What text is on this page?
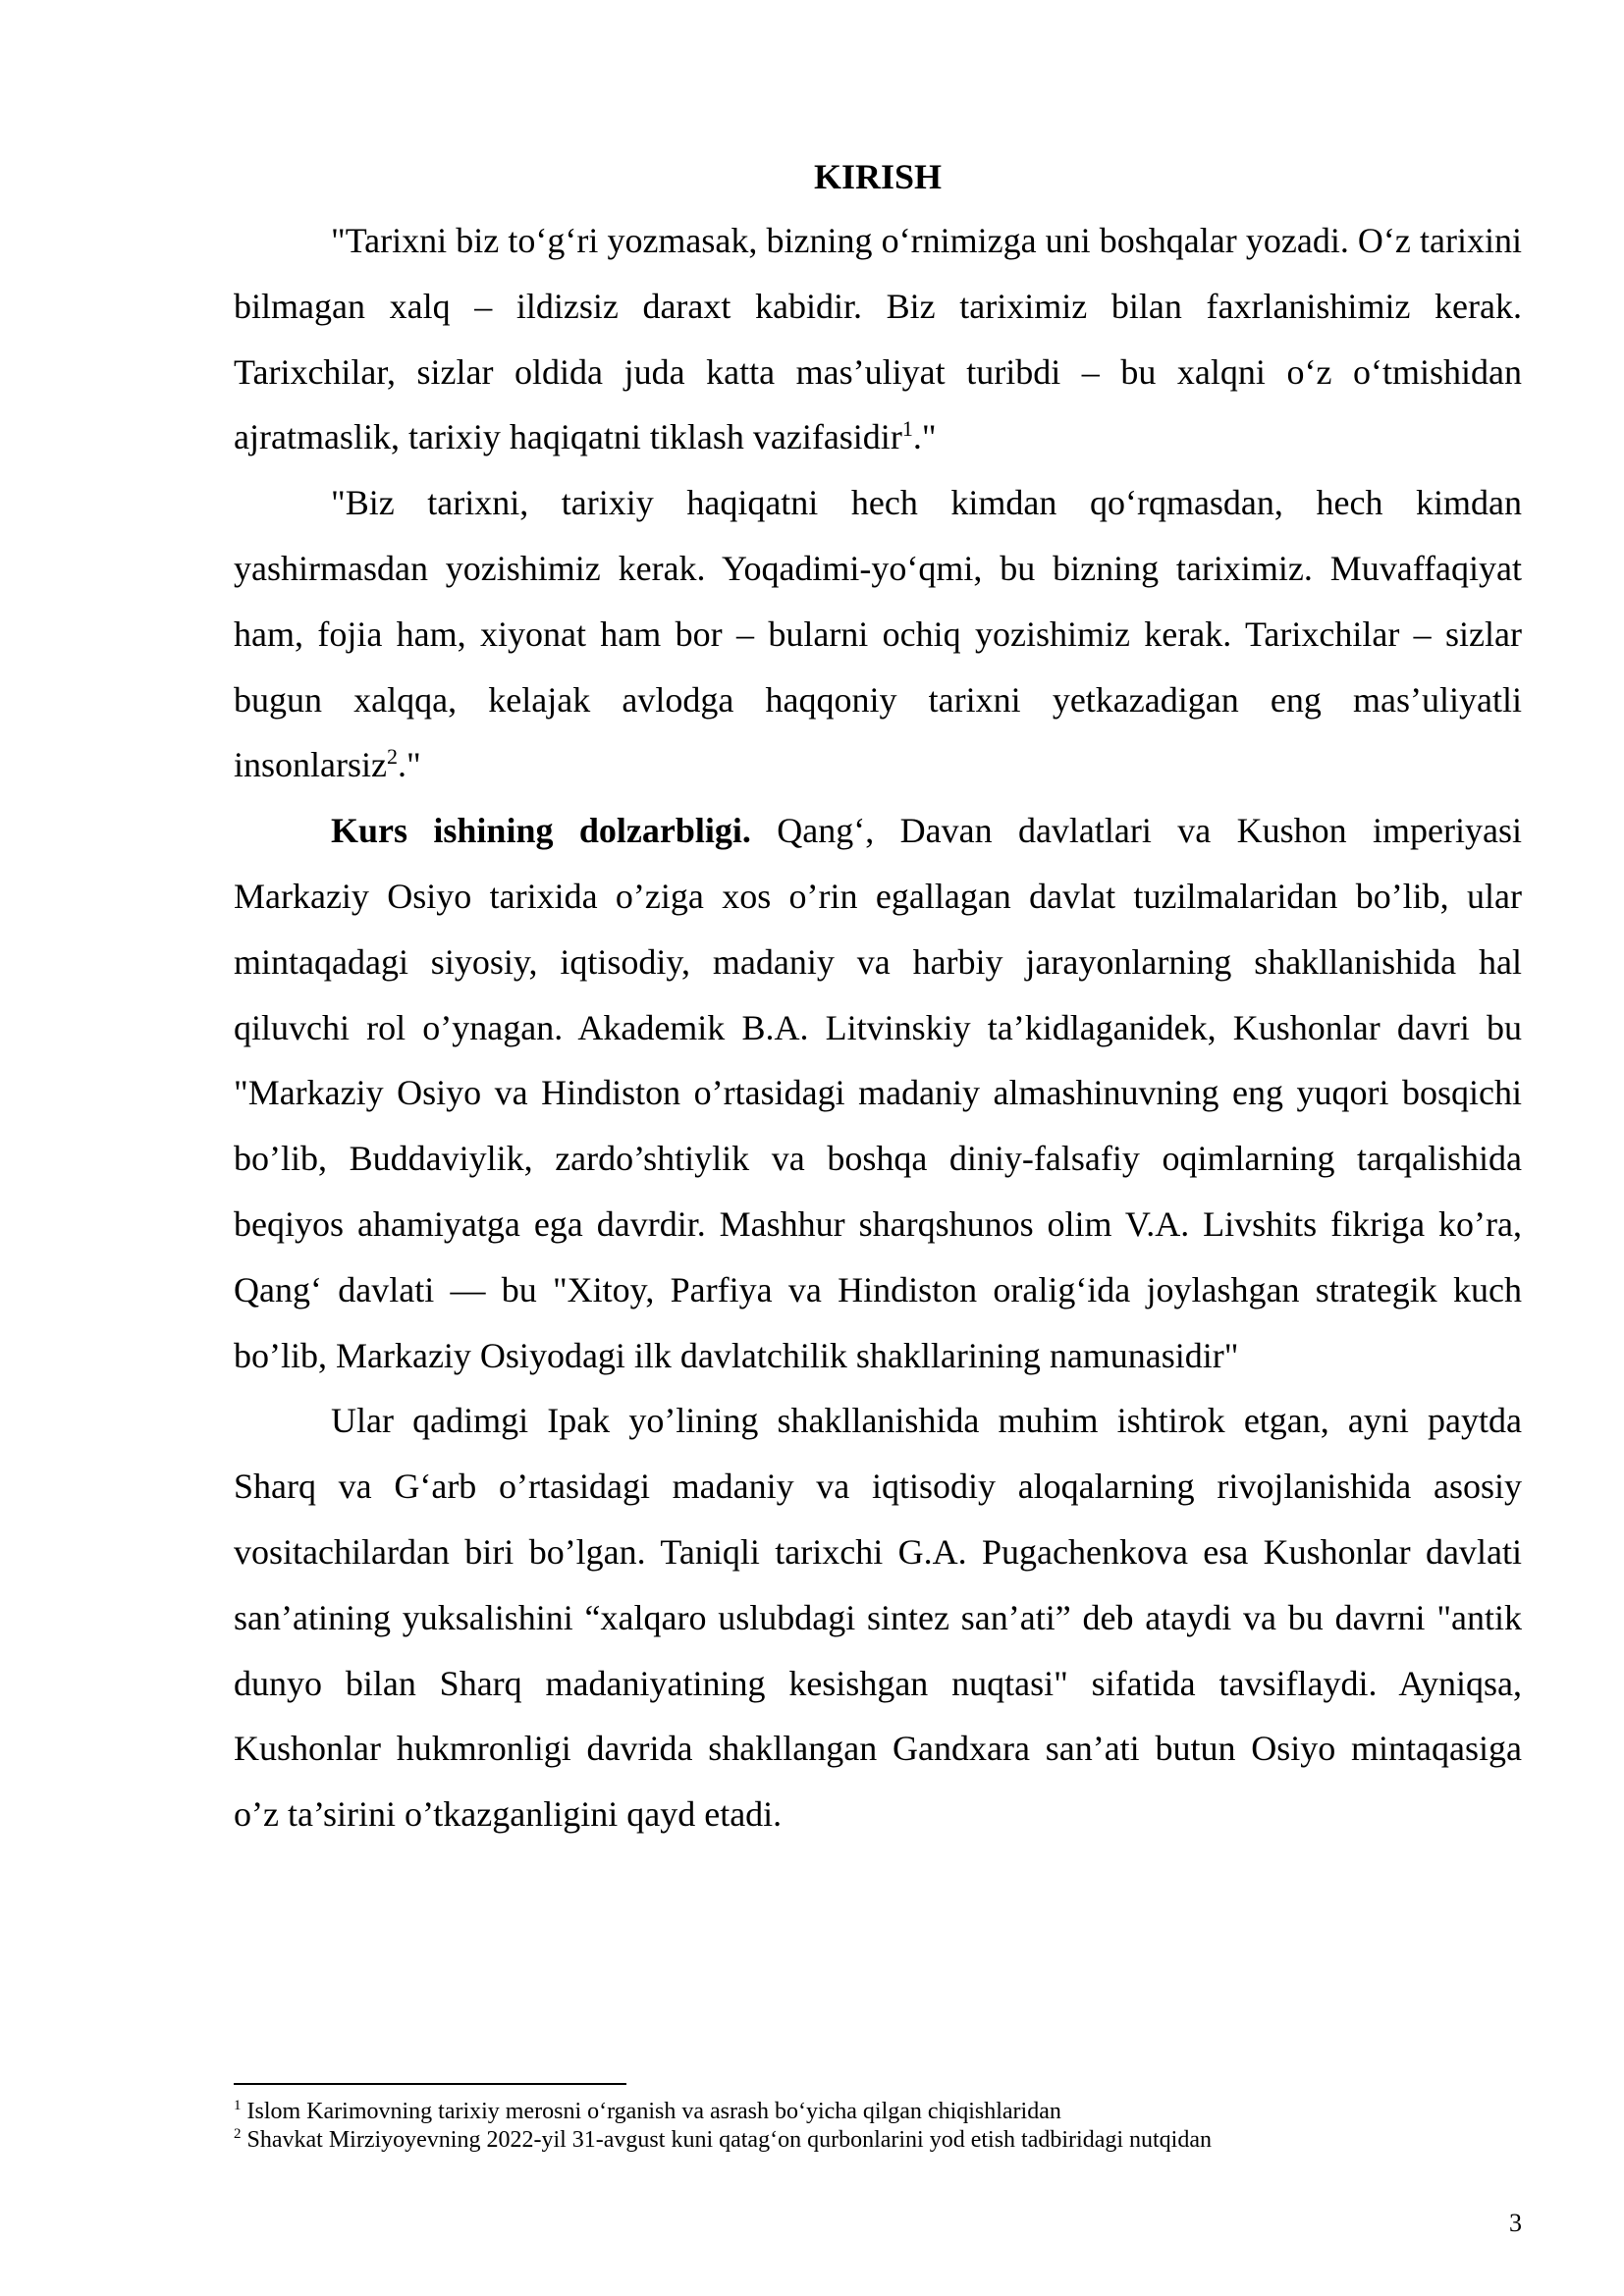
KIRISH

"Tarixni biz to‘g‘ri yozmasak, bizning o‘rnimizga uni boshqalar yozadi. O‘z tarixini bilmagan xalq – ildizsiz daraxt kabidir. Biz tariximiz bilan faxrlanishimiz kerak. Tarixchilar, sizlar oldida juda katta mas’uliyat turibdi – bu xalqni o‘z o‘tmishidan ajratmaslik, tarixiy haqiqatni tiklash vazifasidir$^1$."

"Biz tarixni, tarixiy haqiqatni hech kimdan qo‘rqmasdan, hech kimdan yashirmasdan yozishimiz kerak. Yoqadimi-yo‘qmi, bu bizning tariximiz. Muvaffaqiyat ham, fojia ham, xiyonat ham bor – bularni ochiq yozishimiz kerak. Tarixchilar – sizlar bugun xalqqa, kelajak avlodga haqqoniy tarixni yetkazadigan eng mas’uliyatli insonlarsiz$^2$."

Kurs ishining dolzarbligi. Qang‘, Davan davlatlari va Kushon imperiyasi Markaziy Osiyo tarixida o’ziga xos o’rin egallagan davlat tuzilmalaridan bo’lib, ular mintaqadagi siyosiy, iqtisodiy, madaniy va harbiy jarayonlarning shakllanishida hal qiluvchi rol o’ynagan. Akademik B.A. Litvinskiy ta’kidlaganidek, Kushonlar davri bu "Markaziy Osiyo va Hindiston o’rtasidagi madaniy almashinuvning eng yuqori bosqichi bo’lib, Buddaviylik, zardo’shtiylik va boshqa diniy-falsafiy oqimlarning tarqalishida beqiyos ahamiyatga ega davrdir. Mashhur sharqshunos olim V.A. Livshits fikriga ko’ra, Qang‘ davlati — bu "Xitoy, Parfiya va Hindiston oralig‘ida joylashgan strategik kuch bo’lib, Markaziy Osiyodagi ilk davlatchilik shakllarining namunasidir"

Ular qadimgi Ipak yo’lining shakllanishida muhim ishtirok etgan, ayni paytda Sharq va G‘arb o’rtasidagi madaniy va iqtisodiy aloqalarning rivojlanishida asosiy vositachilardan biri bo’lgan. Taniqli tarixchi G.A. Pugachenkova esa Kushonlar davlati san’atining yuksalishini “xalqaro uslubdagi sintez san’ati” deb ataydi va bu davrni "antik dunyo bilan Sharq madaniyatining kesishgan nuqtasi" sifatida tavsiflaydi. Ayniqsa, Kushonlar hukmronligi davrida shakllangan Gandxara san’ati butun Osiyo mintaqasiga o’z ta’sirini o’tkazganligini qayd etadi.

$^1$ Islom Karimovning tarixiy merosni o‘rganish va asrash bo‘yicha qilgan chiqishlaridan

$^2$ Shavkat Mirziyoyevning 2022-yil 31-avgust kuni qatag‘on qurbonlarini yod etish tadbiridagi nutqidan

3
